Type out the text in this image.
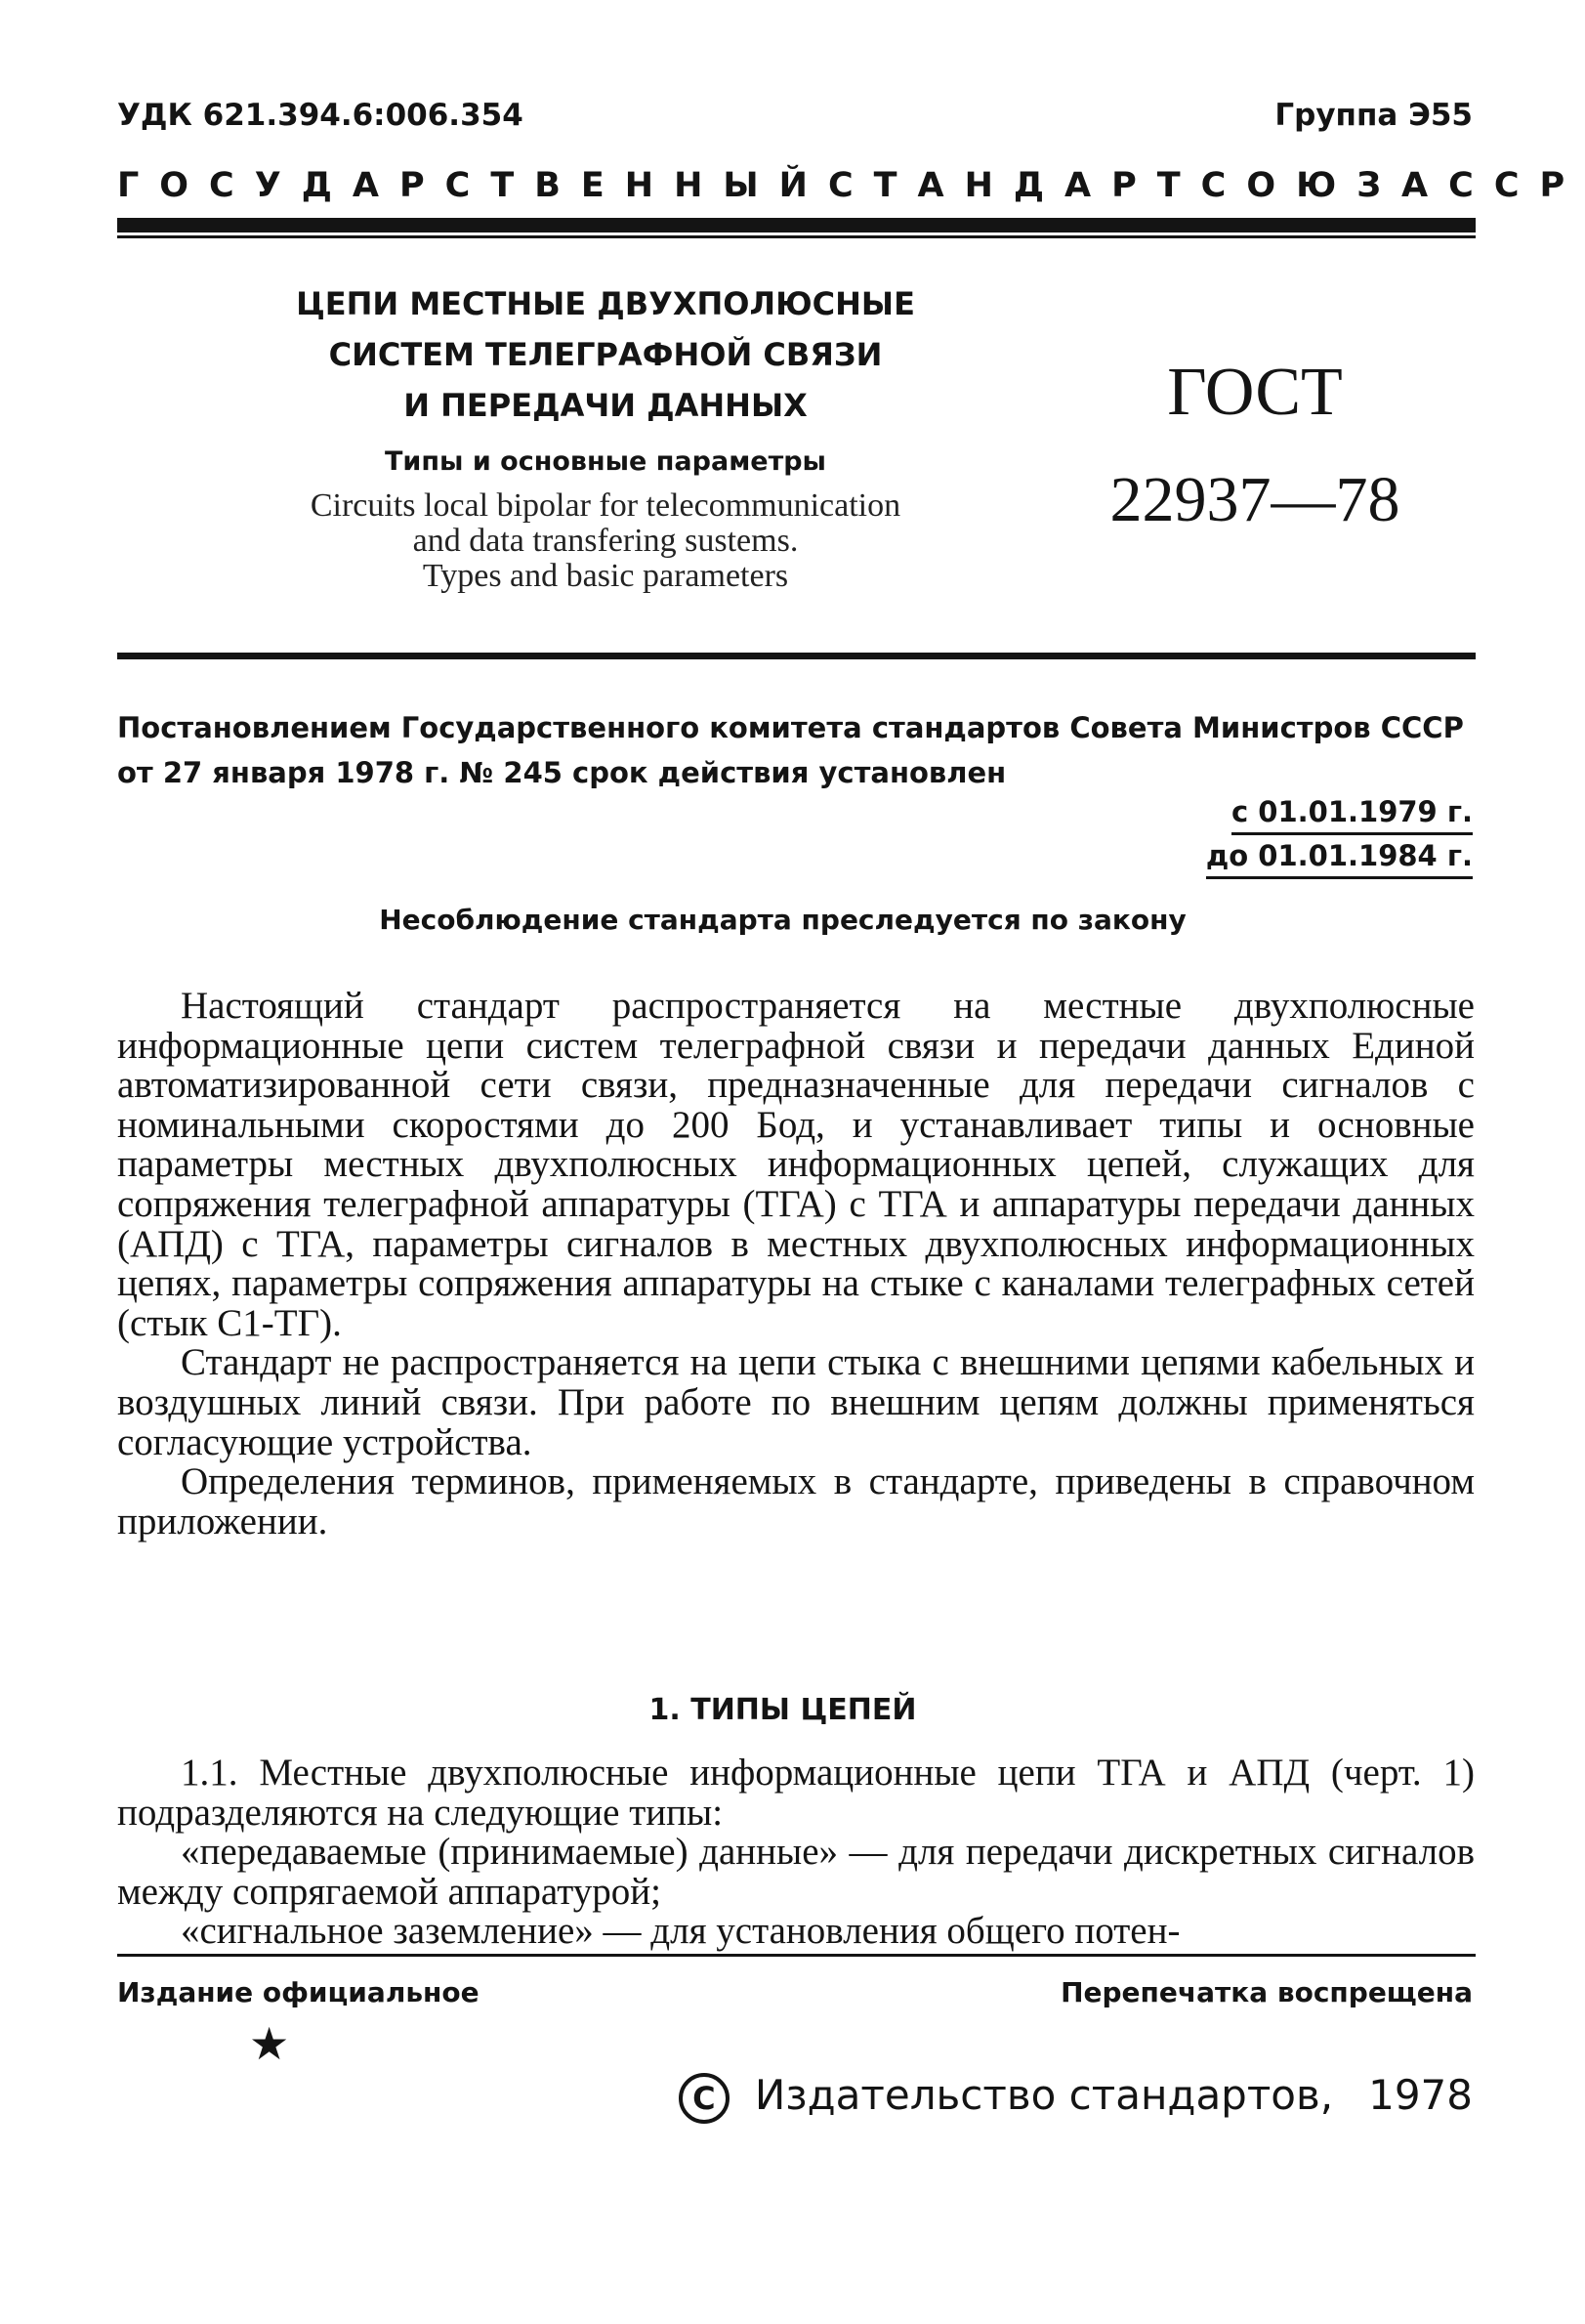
УДК 621.394.6:006.354	Группа Э55
ГОСУДАРСТВЕННЫЙ СТАНДАРТ СОЮЗА ССР
ЦЕПИ МЕСТНЫЕ ДВУХПОЛЮСНЫЕ
СИСТЕМ ТЕЛЕГРАФНОЙ СВЯЗИ
И ПЕРЕДАЧИ ДАННЫХ
Типы и основные параметры
Circuits local bipolar for telecommunication
and data transfering sustems.
Types and basic parameters
ГОСТ
22937—78
Постановлением Государственного комитета стандартов Совета Министров СССР
от 27 января 1978 г. № 245 срок действия установлен
с 01.01.1979 г.
до 01.01.1984 г.
Несоблюдение стандарта преследуется по закону

Настоящий стандарт распространяется на местные двухполюсные информационные цепи систем телеграфной связи и передачи данных Единой автоматизированной сети связи, предназначенные для передачи сигналов с номинальными скоростями до 200 Бод, и устанавливает типы и основные параметры местных двухполюсных информационных цепей, служащих для сопряжения телеграфной аппаратуры (ТГА) с ТГА и аппаратуры передачи данных (АПД) с ТГА, параметры сигналов в местных двухполюсных информационных цепях, параметры сопряжения аппаратуры на стыке с каналами телеграфных сетей (стык С1-ТГ).

Стандарт не распространяется на цепи стыка с внешними цепями кабельных и воздушных линий связи. При работе по внешним цепям должны применяться согласующие устройства.

Определения терминов, применяемых в стандарте, приведены в справочном приложении.

1. ТИПЫ ЦЕПЕЙ

1.1. Местные двухполюсные информационные цепи ТГА и АПД (черт. 1) подразделяются на следующие типы:

«передаваемые (принимаемые) данные» — для передачи дискретных сигналов между сопрягаемой аппаратурой;

«сигнальное заземление» — для установления общего потен-

Издание официальное	Перепечатка воспрещена
★
C Издательство стандартов, 1978
